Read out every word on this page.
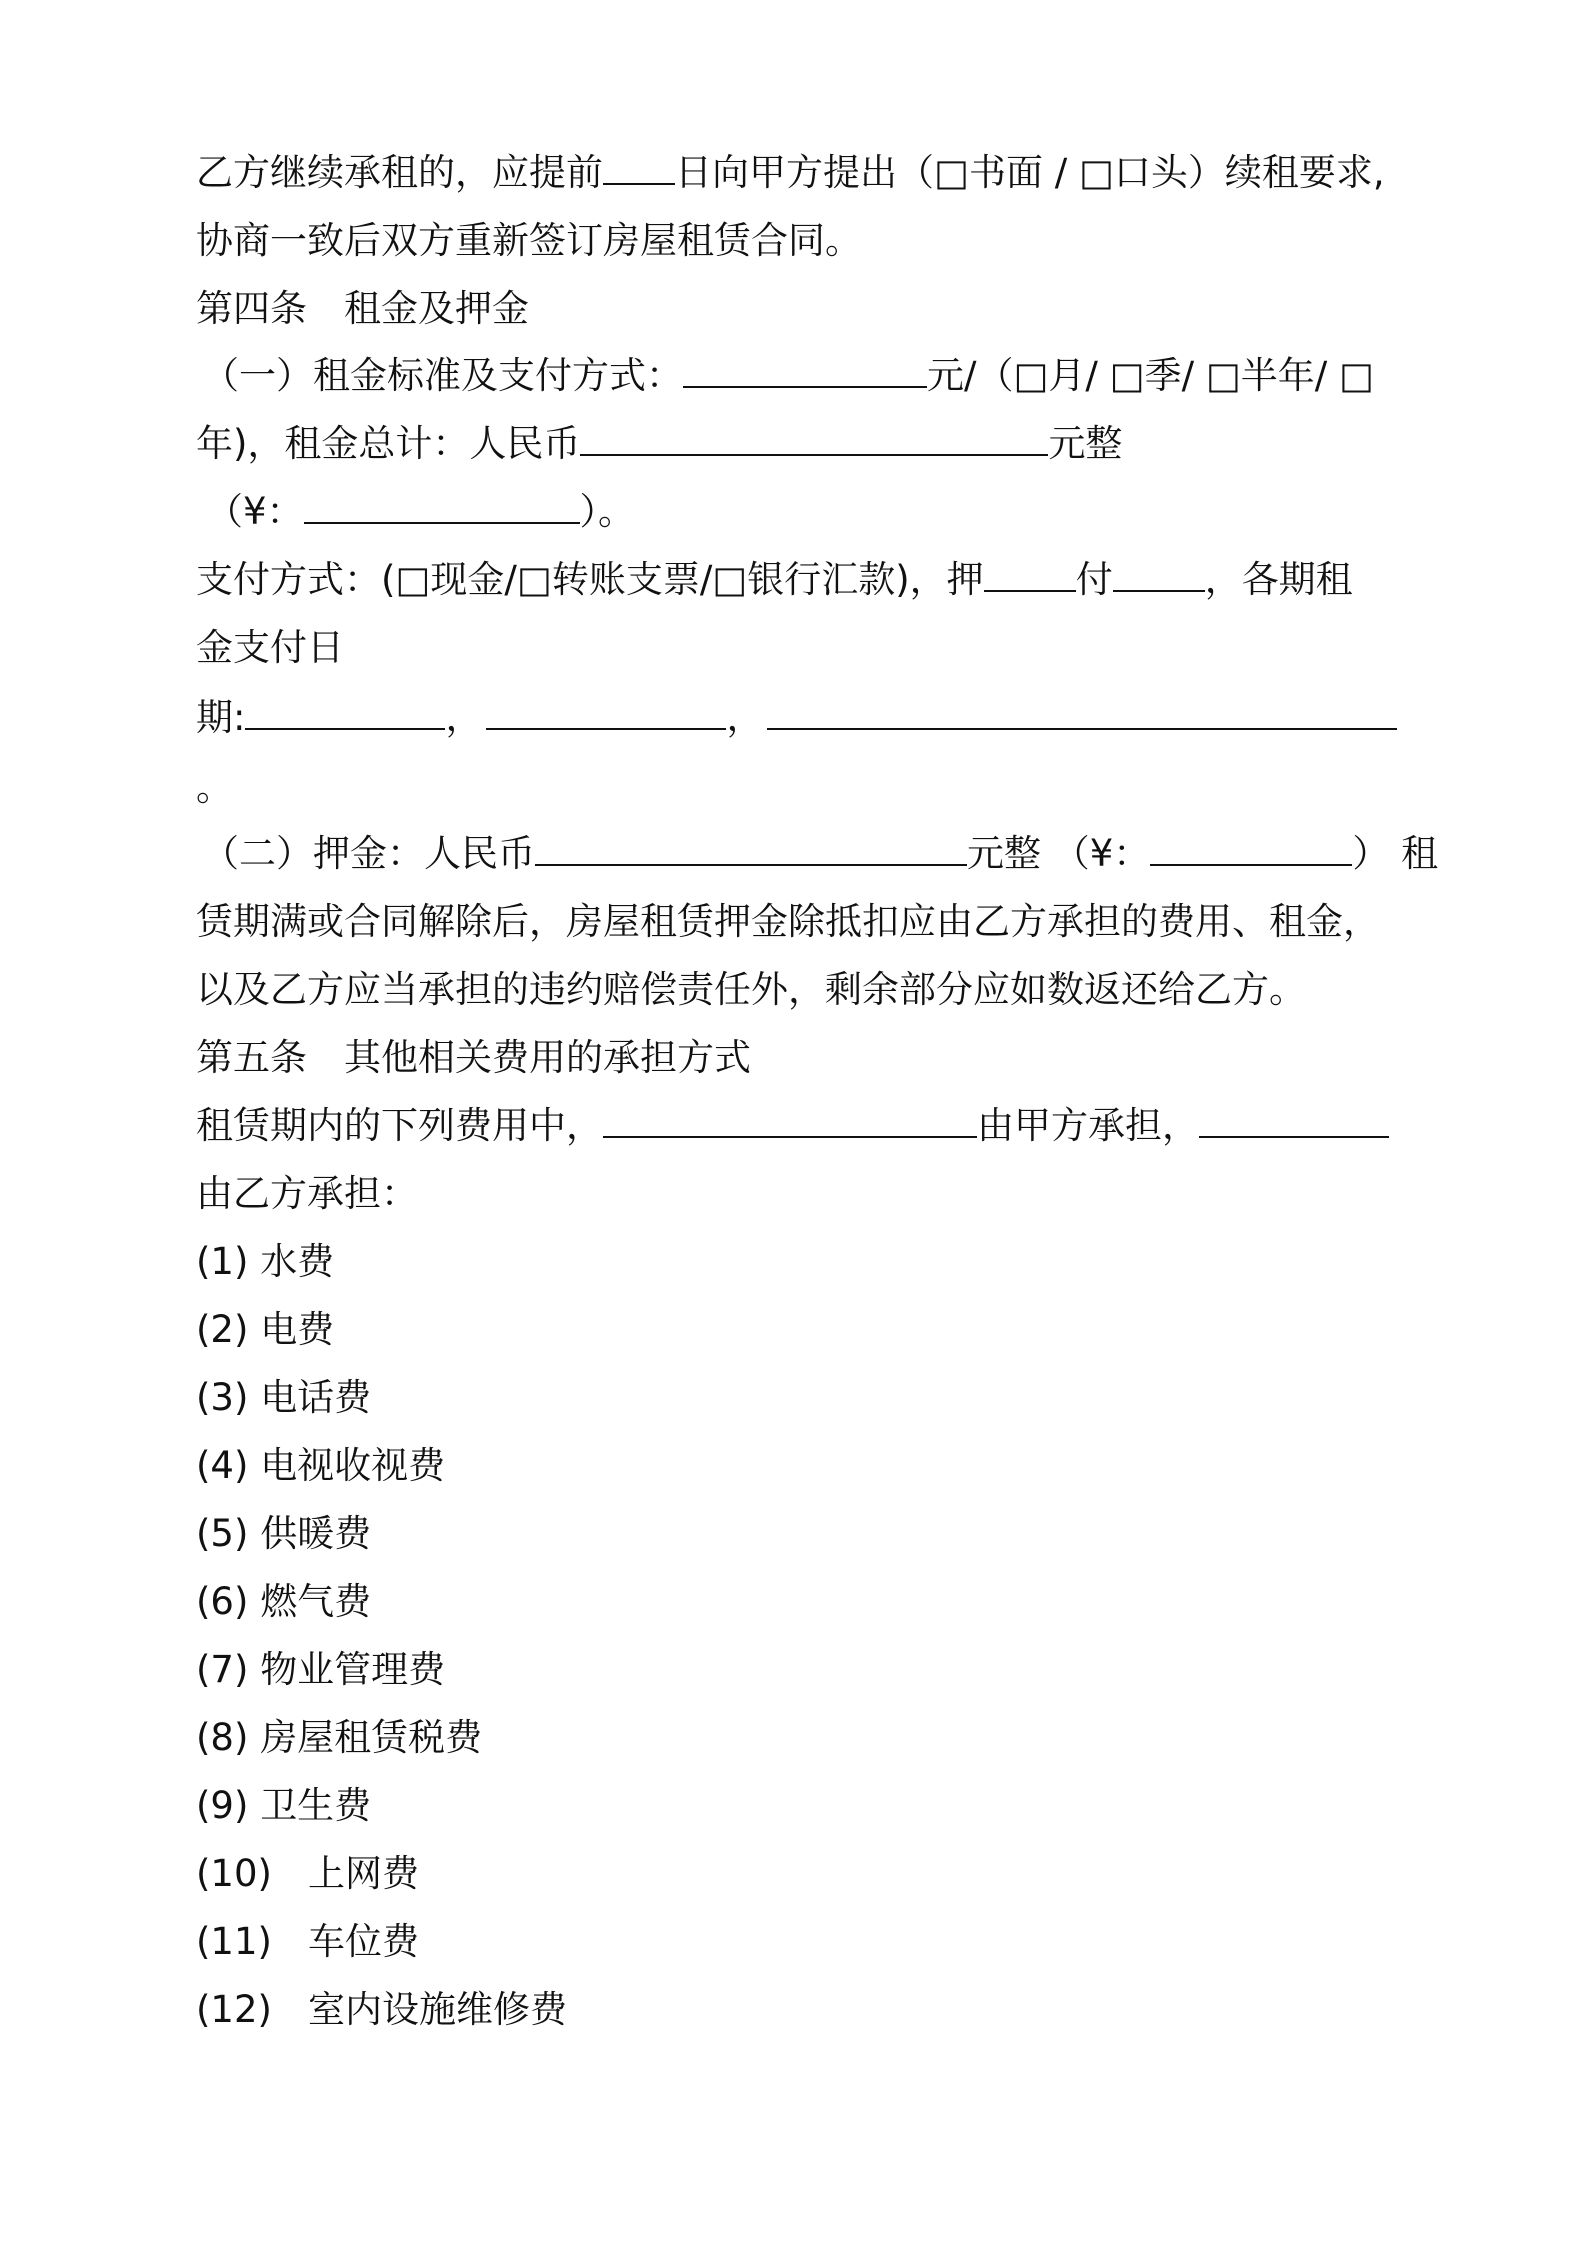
乙方继续承租的，应提前 日向甲方提出（□书面 / □口头）续租要求,
协商一致后双方重新签订房屋租赁合同。
第四条　租金及押金
（一）租金标准及支付方式：	元/（□月/ □季/ □半年/ □
年)，租金总计：人民币	元整
（¥：	）。
支付方式：(□现金/□转账支票/□银行汇款)，押 付 ，各期租
金支付日
期:	，	，
。
（二）押金：人民币	元整 （¥：	） 租
赁期满或合同解除后，房屋租赁押金除抵扣应由乙方承担的费用、租金，
以及乙方应当承担的违约赔偿责任外，剩余部分应如数返还给乙方。
第五条　其他相关费用的承担方式
租赁期内的下列费用中，	由甲方承担，
由乙方承担：
(1) 水费
(2) 电费
(3) 电话费
(4) 电视收视费
(5) 供暖费
(6) 燃气费
(7) 物业管理费
(8) 房屋租赁税费
(9) 卫生费
(10) 上网费
(11) 车位费
(12) 室内设施维修费
